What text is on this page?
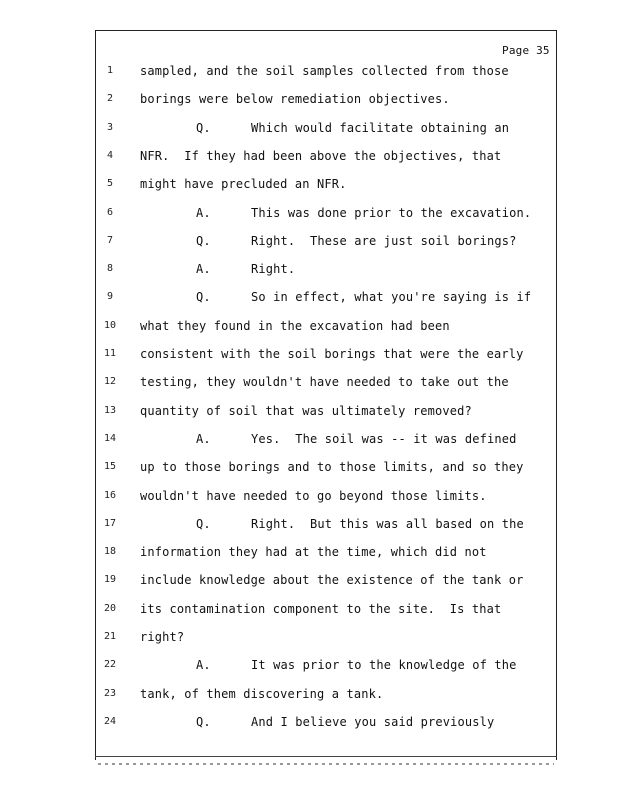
Page 35
1	sampled, and the soil samples collected from those
2	borings were below remediation objectives.
3	Q.	Which would facilitate obtaining an
4	NFR.  If they had been above the objectives, that
5	might have precluded an NFR.
6	A.	This was done prior to the excavation.
7	Q.	Right.  These are just soil borings?
8	A.	Right.
9	Q.	So in effect, what you're saying is if
10	what they found in the excavation had been
11	consistent with the soil borings that were the early
12	testing, they wouldn't have needed to take out the
13	quantity of soil that was ultimately removed?
14	A.	Yes.  The soil was -- it was defined
15	up to those borings and to those limits, and so they
16	wouldn't have needed to go beyond those limits.
17	Q.	Right.  But this was all based on the
18	information they had at the time, which did not
19	include knowledge about the existence of the tank or
20	its contamination component to the site.  Is that
21	right?
22	A.	It was prior to the knowledge of the
23	tank, of them discovering a tank.
24	Q.	And I believe you said previously
